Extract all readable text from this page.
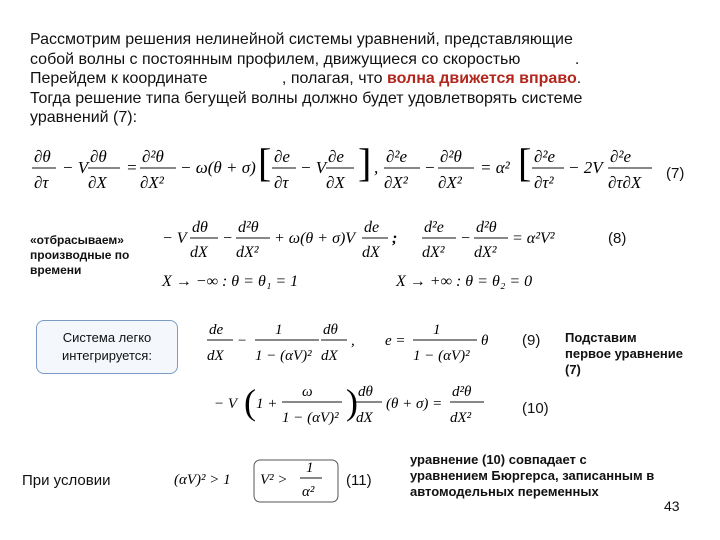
Рассмотрим решения нелинейной системы уравнений, представляющие
собой волны с постоянным профилем, движущиеся со скоростью	.
Перейдем к координате	, полагая, что волна движется вправо.
Тогда решение типа бегущей волны должно будет удовлетворять системе
уравнений (7):
∂θ
∂τ
− V
∂θ
∂X
=
∂²θ
∂X²
− ω(θ + σ) [ ∂e
∂τ
− V
∂e
∂X ] ,
∂²e
∂X²
−
∂²θ
∂X²
= α² [ ∂²e
∂τ²
− 2V
∂²e
∂τ∂X (7)
«отбрасываем» производные по времени
− V
dθ
dX
−
d²θ
dX²
+ ω(θ + σ)V
de
dX
;
d²e
dX²
−
d²θ
dX²
= α²V²	(8)
X → −∞ : θ = θ₁ = 1	X → +∞ : θ = θ₂ = 0
Система легко интегрируется:
de
dX
−
1
1 − (αV)²
dθ
dX
, e =
1
1 − (αV)²
θ (9) Подставим первое уравнение (7)
− V ( 1 +
ω
1 − (αV)² ) dθ
dX
(θ + σ) =
d²θ
dX²
(10)
При условии	(αV)² > 1 V² >
1
α²
(11)
уравнение (10) совпадает с уравнением Бюргерса, записанным в автомодельных переменных
43
